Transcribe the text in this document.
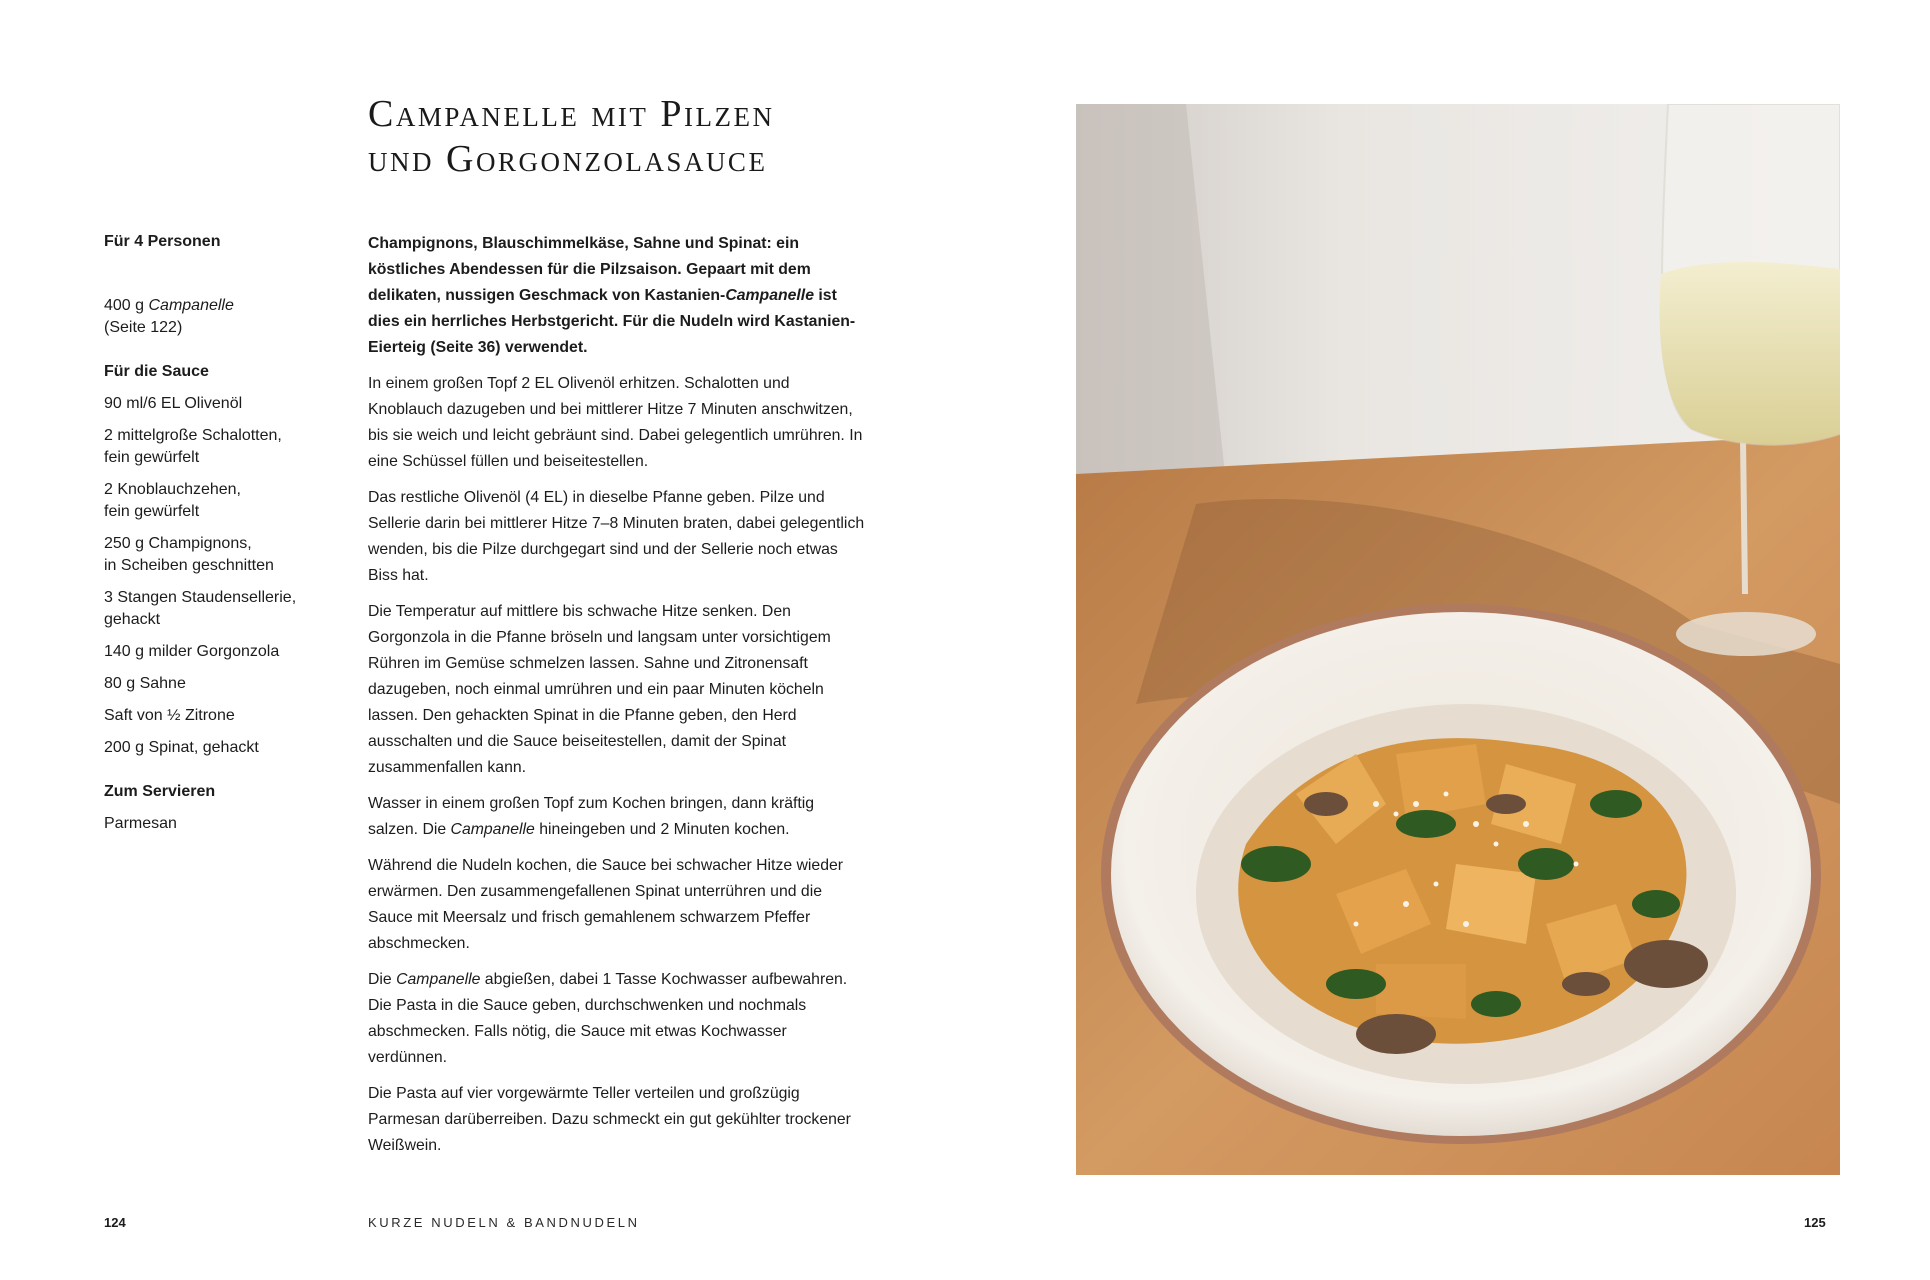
Campanelle mit Pilzen
und Gorgonzolasauce

Für 4 Personen

400 g Campanelle
(Seite 122)

Für die Sauce

90 ml/6 EL Olivenöl
2 mittelgroße Schalotten,
fein gewürfelt
2 Knoblauchzehen,
fein gewürfelt
250 g Champignons,
in Scheiben geschnitten
3 Stangen Staudensellerie,
gehackt
140 g milder Gorgonzola
80 g Sahne
Saft von ½ Zitrone
200 g Spinat, gehackt

Zum Servieren

Parmesan

Champignons, Blauschimmelkäse, Sahne und Spinat: ein köstliches Abendessen für die Pilzsaison. Gepaart mit dem delikaten, nussigen Geschmack von Kastanien-Campanelle ist dies ein herrliches Herbstgericht. Für die Nudeln wird Kastanien-Eierteig (Seite 36) verwendet.

In einem großen Topf 2 EL Olivenöl erhitzen. Schalotten und Knoblauch dazugeben und bei mittlerer Hitze 7 Minuten anschwitzen, bis sie weich und leicht gebräunt sind. Dabei gelegentlich umrühren. In eine Schüssel füllen und beiseitestellen.

Das restliche Olivenöl (4 EL) in dieselbe Pfanne geben. Pilze und Sellerie darin bei mittlerer Hitze 7–8 Minuten braten, dabei gelegentlich wenden, bis die Pilze durchgegart sind und der Sellerie noch etwas Biss hat.

Die Temperatur auf mittlere bis schwache Hitze senken. Den Gorgonzola in die Pfanne bröseln und langsam unter vorsichtigem Rühren im Gemüse schmelzen lassen. Sahne und Zitronensaft dazugeben, noch einmal umrühren und ein paar Minuten köcheln lassen. Den gehackten Spinat in die Pfanne geben, den Herd ausschalten und die Sauce beiseitestellen, damit der Spinat zusammenfallen kann.

Wasser in einem großen Topf zum Kochen bringen, dann kräftig salzen. Die Campanelle hineingeben und 2 Minuten kochen.

Während die Nudeln kochen, die Sauce bei schwacher Hitze wieder erwärmen. Den zusammengefallenen Spinat unterrühren und die Sauce mit Meersalz und frisch gemahlenem schwarzem Pfeffer abschmecken.

Die Campanelle abgießen, dabei 1 Tasse Kochwasser aufbewahren. Die Pasta in die Sauce geben, durchschwenken und nochmals abschmecken. Falls nötig, die Sauce mit etwas Kochwasser verdünnen.

Die Pasta auf vier vorgewärmte Teller verteilen und großzügig Parmesan darüberreiben. Dazu schmeckt ein gut gekühlter trockener Weißwein.

124	KURZE NUDELN & BANDNUDELN	125
